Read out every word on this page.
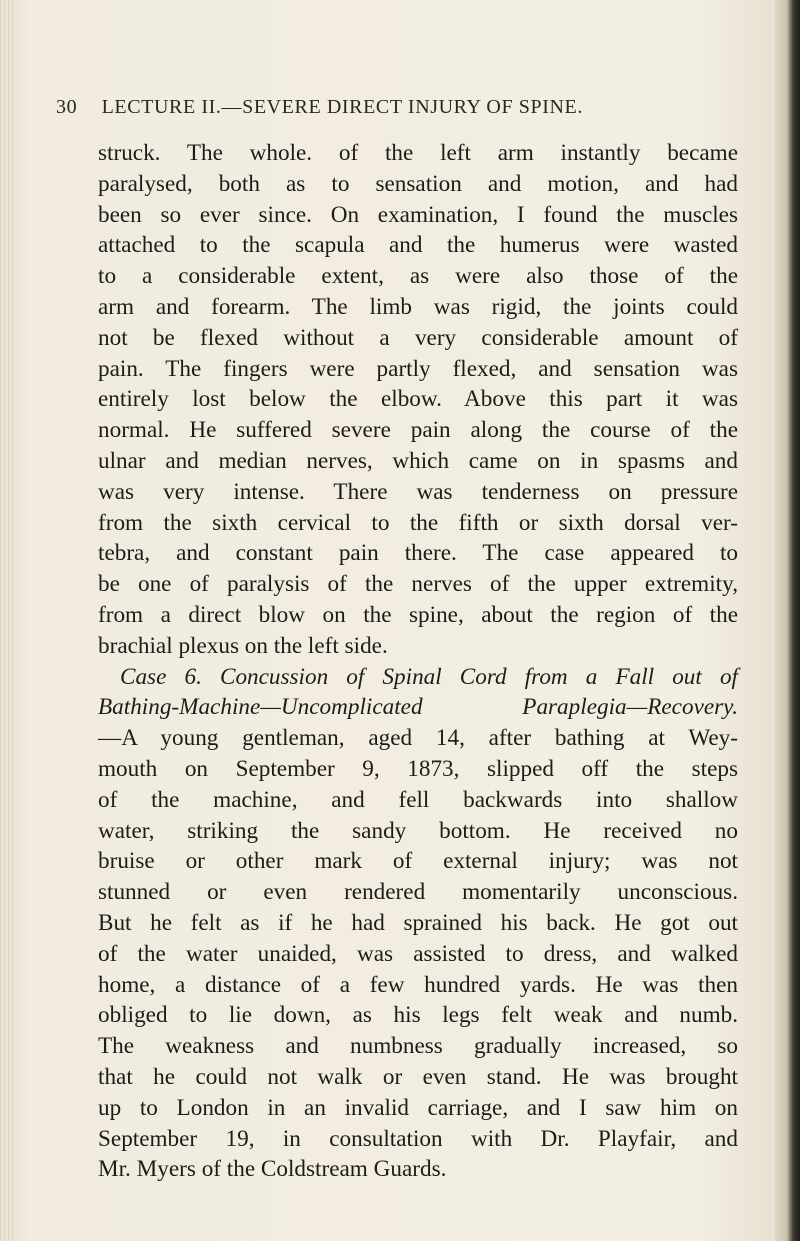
30 LECTURE II.—SEVERE DIRECT INJURY OF SPINE.
struck. The whole. of the left arm instantly became
paralysed, both as to sensation and motion, and had
been so ever since. On examination, I found the muscles
attached to the scapula and the humerus were wasted
to a considerable extent, as were also those of the
arm and forearm. The limb was rigid, the joints could
not be flexed without a very considerable amount of
pain. The fingers were partly flexed, and sensation was
entirely lost below the elbow. Above this part it was
normal. He suffered severe pain along the course of the
ulnar and median nerves, which came on in spasms and
was very intense. There was tenderness on pressure
from the sixth cervical to the fifth or sixth dorsal ver-
tebra, and constant pain there. The case appeared to
be one of paralysis of the nerves of the upper extremity,
from a direct blow on the spine, about the region of the
brachial plexus on the left side.
Case 6. Concussion of Spinal Cord from a Fall out of
Bathing-Machine—Uncomplicated Paraplegia—Recovery.
—A young gentleman, aged 14, after bathing at Wey-
mouth on September 9, 1873, slipped off the steps
of the machine, and fell backwards into shallow
water, striking the sandy bottom. He received no
bruise or other mark of external injury; was not
stunned or even rendered momentarily unconscious.
But he felt as if he had sprained his back. He got out
of the water unaided, was assisted to dress, and walked
home, a distance of a few hundred yards. He was then
obliged to lie down, as his legs felt weak and numb.
The weakness and numbness gradually increased, so
that he could not walk or even stand. He was brought
up to London in an invalid carriage, and I saw him on
September 19, in consultation with Dr. Playfair, and
Mr. Myers of the Coldstream Guards.
